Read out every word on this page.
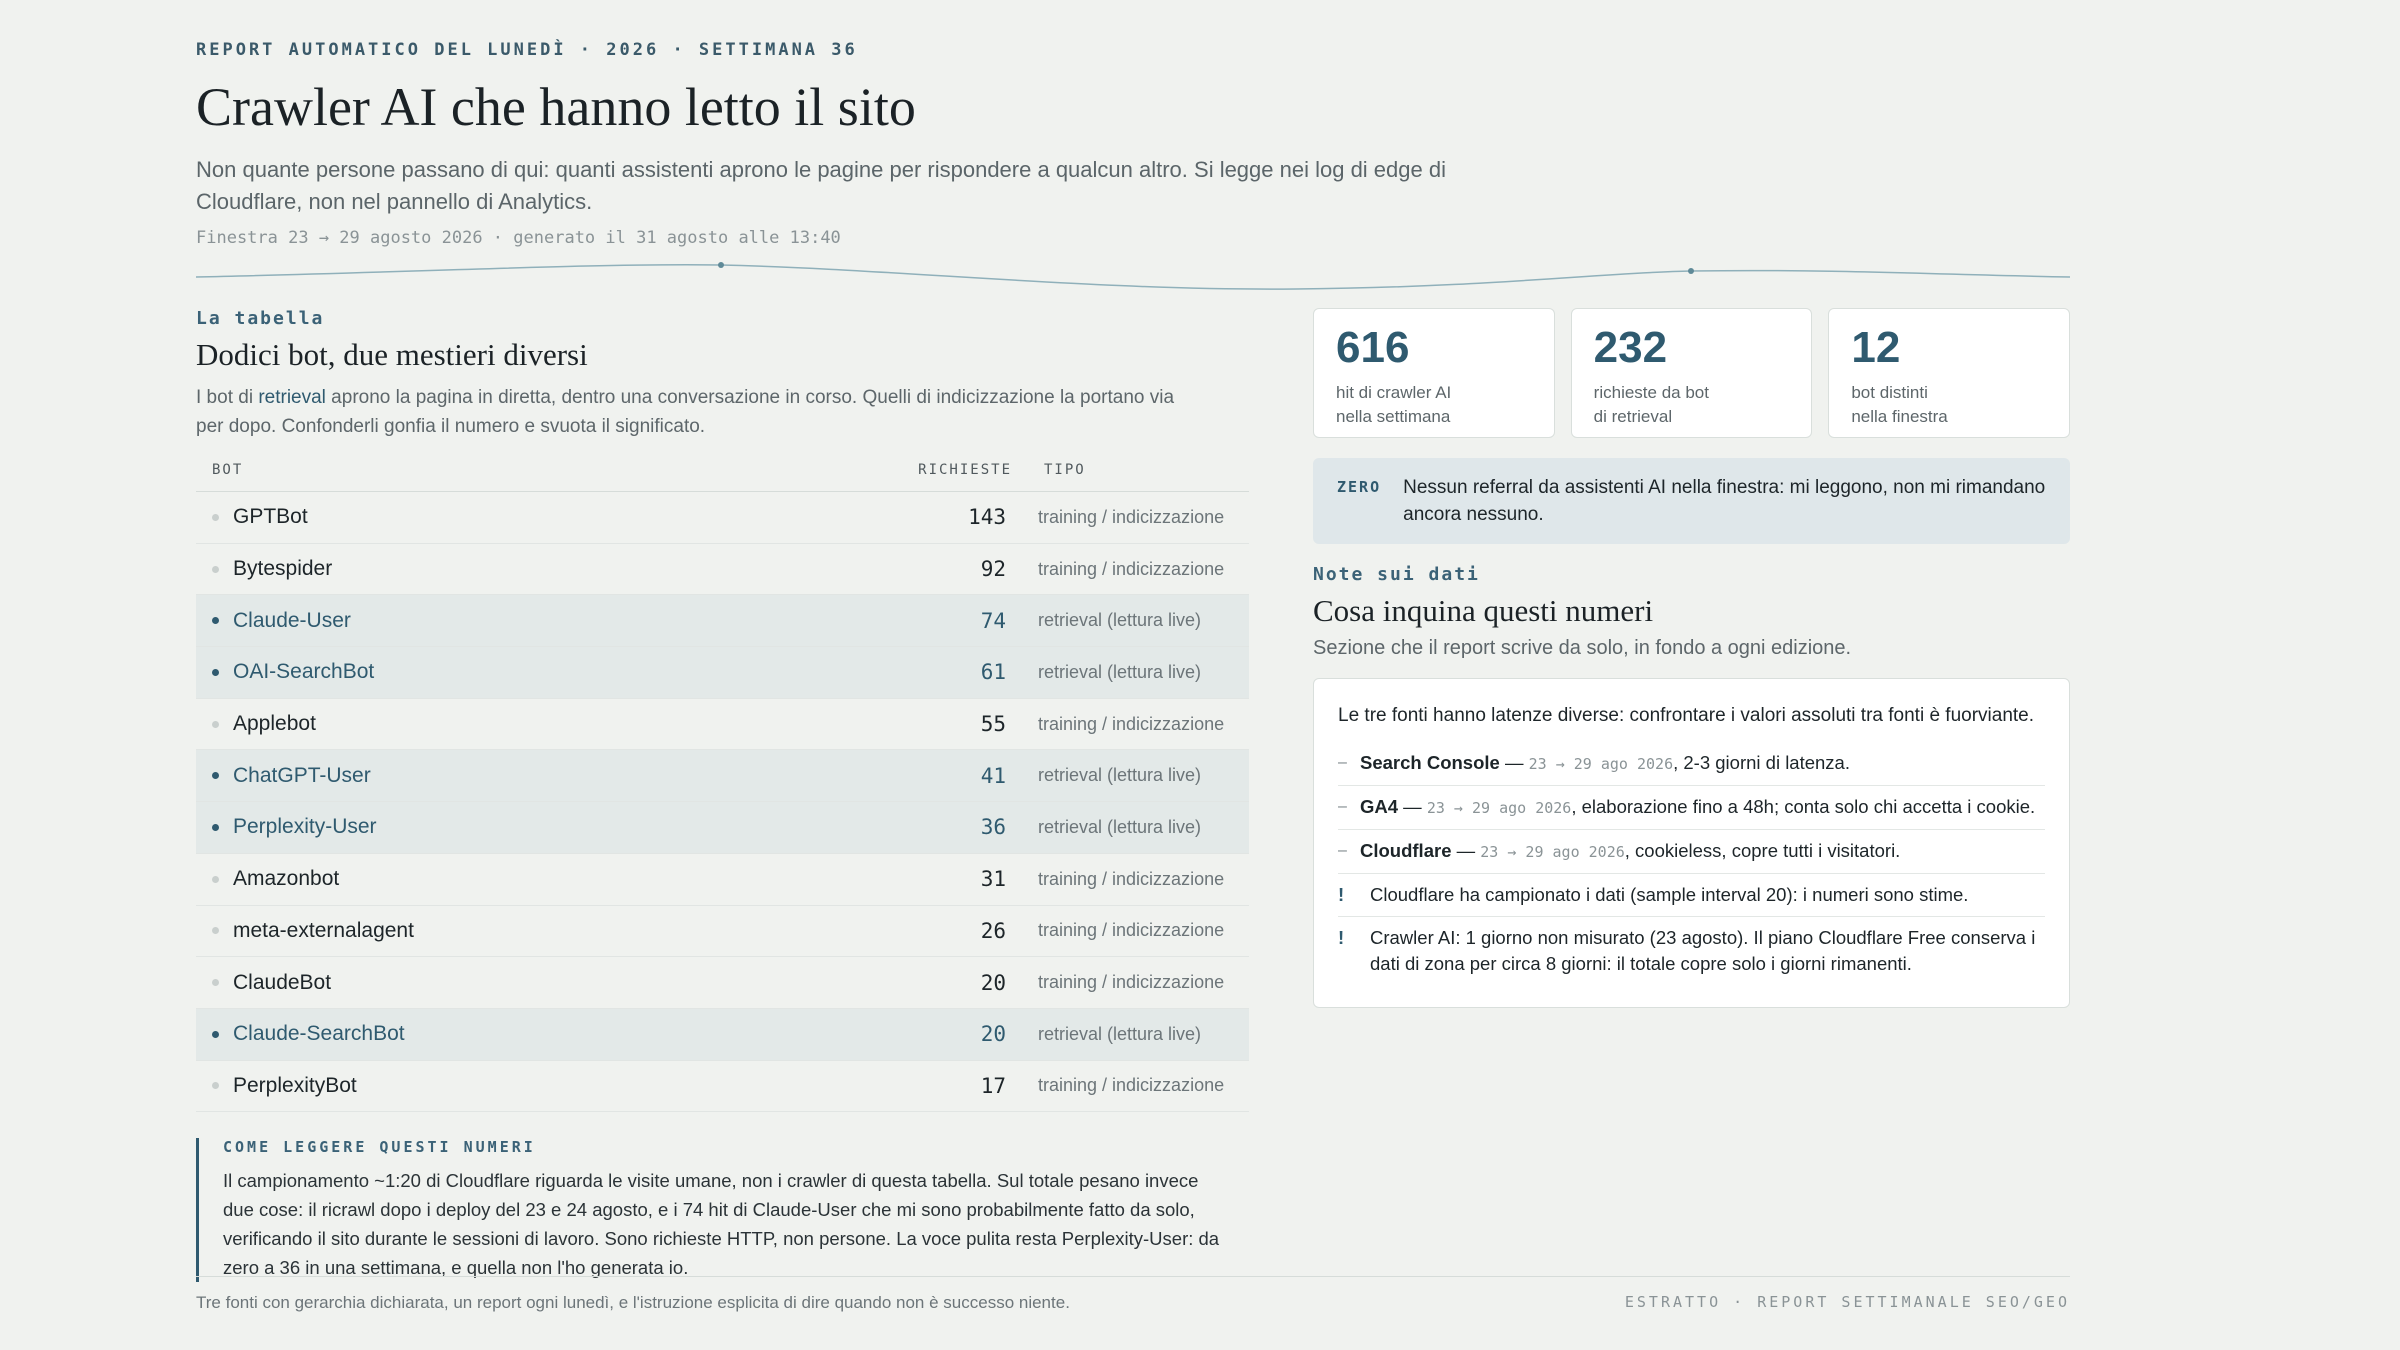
REPORT AUTOMATICO DEL LUNEDÌ · 2026 · SETTIMANA 36
Crawler AI che hanno letto il sito
Non quante persone passano di qui: quanti assistenti aprono le pagine per rispondere a qualcun altro. Si legge nei log di edge di Cloudflare, non nel pannello di Analytics.
Finestra 23 → 29 agosto 2026 · generato il 31 agosto alle 13:40
La tabella
Dodici bot, due mestieri diversi
I bot di retrieval aprono la pagina in diretta, dentro una conversazione in corso. Quelli di indicizzazione la portano via per dopo. Confonderli gonfia il numero e svuota il significato.
BOT	RICHIESTE	TIPO
GPTBot	143	training / indicizzazione
Bytespider	92	training / indicizzazione
Claude-User	74	retrieval (lettura live)
OAI-SearchBot	61	retrieval (lettura live)
Applebot	55	training / indicizzazione
ChatGPT-User	41	retrieval (lettura live)
Perplexity-User	36	retrieval (lettura live)
Amazonbot	31	training / indicizzazione
meta-externalagent	26	training / indicizzazione
ClaudeBot	20	training / indicizzazione
Claude-SearchBot	20	retrieval (lettura live)
PerplexityBot	17	training / indicizzazione
COME LEGGERE QUESTI NUMERI
Il campionamento ~1:20 di Cloudflare riguarda le visite umane, non i crawler di questa tabella. Sul totale pesano invece due cose: il ricrawl dopo i deploy del 23 e 24 agosto, e i 74 hit di Claude-User che mi sono probabilmente fatto da solo, verificando il sito durante le sessioni di lavoro. Sono richieste HTTP, non persone. La voce pulita resta Perplexity-User: da zero a 36 in una settimana, e quella non l'ho generata io.
616
hit di crawler AI
nella settimana
232
richieste da bot
di retrieval
12
bot distinti
nella finestra
ZERO Nessun referral da assistenti AI nella finestra: mi leggono, non mi rimandano ancora nessuno.
Note sui dati
Cosa inquina questi numeri
Sezione che il report scrive da solo, in fondo a ogni edizione.
Le tre fonti hanno latenze diverse: confrontare i valori assoluti tra fonti è fuorviante.
– Search Console — 23 → 29 ago 2026, 2-3 giorni di latenza.
– GA4 — 23 → 29 ago 2026, elaborazione fino a 48h; conta solo chi accetta i cookie.
– Cloudflare — 23 → 29 ago 2026, cookieless, copre tutti i visitatori.
!	Cloudflare ha campionato i dati (sample interval 20): i numeri sono stime.
!	Crawler AI: 1 giorno non misurato (23 agosto). Il piano Cloudflare Free conserva i dati di zona per circa 8 giorni: il totale copre solo i giorni rimanenti.
Tre fonti con gerarchia dichiarata, un report ogni lunedì, e l'istruzione esplicita di dire quando non è successo niente.	ESTRATTO · REPORT SETTIMANALE SEO/GEO
